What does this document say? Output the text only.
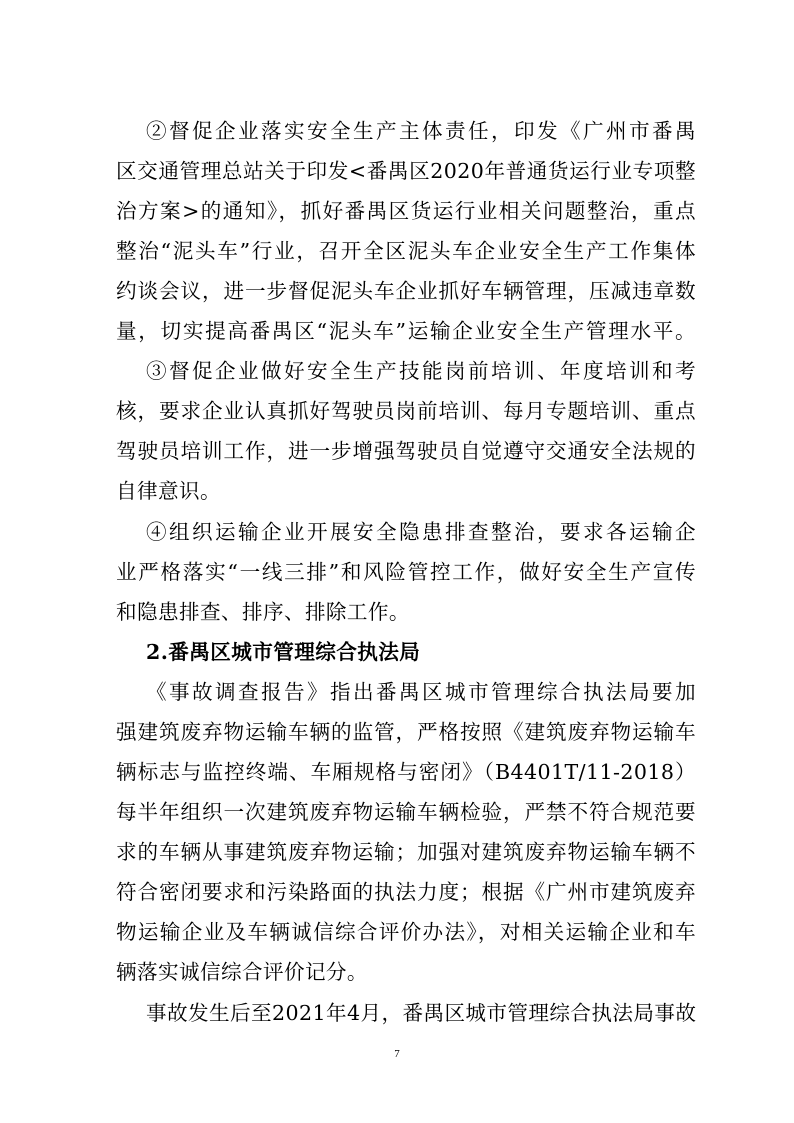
②督促企业落实安全生产主体责任，印发《广州市番禺
区交通管理总站关于印发<番禺区2020年普通货运行业专项整
治方案>的通知》，抓好番禺区货运行业相关问题整治，重点
整治“泥头车”行业，召开全区泥头车企业安全生产工作集体
约谈会议，进一步督促泥头车企业抓好车辆管理，压减违章数
量，切实提高番禺区“泥头车”运输企业安全生产管理水平。
③督促企业做好安全生产技能岗前培训、年度培训和考
核，要求企业认真抓好驾驶员岗前培训、每月专题培训、重点
驾驶员培训工作，进一步增强驾驶员自觉遵守交通安全法规的
自律意识。
④组织运输企业开展安全隐患排查整治，要求各运输企
业严格落实“一线三排”和风险管控工作，做好安全生产宣传
和隐患排查、排序、排除工作。
2.番禺区城市管理综合执法局
《事故调查报告》指出番禺区城市管理综合执法局要加
强建筑废弃物运输车辆的监管，严格按照《建筑废弃物运输车
辆标志与监控终端、车厢规格与密闭》（B4401T/11-2018）
每半年组织一次建筑废弃物运输车辆检验，严禁不符合规范要
求的车辆从事建筑废弃物运输；加强对建筑废弃物运输车辆不
符合密闭要求和污染路面的执法力度；根据《广州市建筑废弃
物运输企业及车辆诚信综合评价办法》，对相关运输企业和车
辆落实诚信综合评价记分。
事故发生后至2021年4月，番禺区城市管理综合执法局事故
7
